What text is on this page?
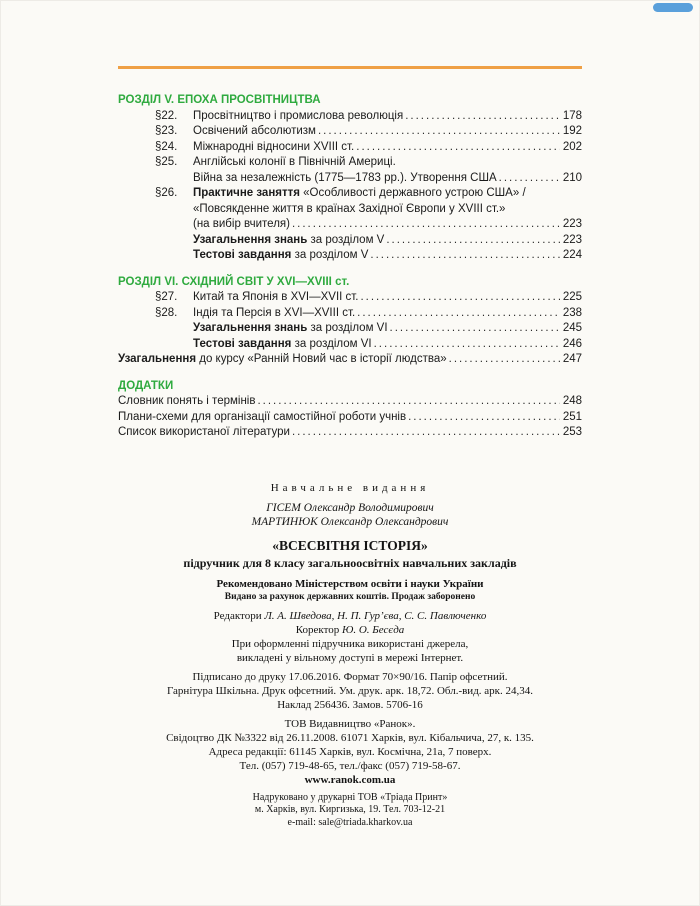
РОЗДІЛ V. ЕПОХА ПРОСВІТНИЦТВА
§22.	Просвітництво і промислова революція .....	178
§23.	Освічений абсолютизм .....	192
§24.	Міжнародні відносини XVIII ст. .....	202
§25.	Англійські колонії в Північній Америці.
Війна за незалежність (1775—1783 рр.). Утворення США .....	210
§26.	Практичне заняття «Особливості державного устрою США» /
«Повсякденне життя в країнах Західної Європи у XVIII ст.»
(на вибір вчителя) .....	223
Узагальнення знань за розділом V .....	223
Тестові завдання за розділом V .....	224
РОЗДІЛ VI. СХІДНИЙ СВІТ У XVI—XVIII ст.
§27.	Китай та Японія в XVI—XVII ст. .....	225
§28.	Індія та Персія в XVI—XVIII ст. .....	238
Узагальнення знань за розділом VI .....	245
Тестові завдання за розділом VI .....	246
Узагальнення до курсу «Ранній Новий час в історії людства» .....	247
ДОДАТКИ
Словник понять і термінів .....	248
Плани-схеми для організації самостійної роботи учнів .....	251
Список використаної літератури .....	253
Навчальне видання
ГІСЕМ Олександр Володимирович
МАРТИНЮК Олександр Олександрович
«ВСЕСВІТНЯ ІСТОРІЯ»
підручник для 8 класу загальноосвітніх навчальних закладів
Рекомендовано Міністерством освіти і науки України
Видано за рахунок державних коштів. Продаж заборонено
Редактори Л. А. Шведова, Н. П. Гур’єва, С. С. Павлюченко
Коректор Ю. О. Бесєда
При оформленні підручника використані джерела,
викладені у вільному доступі в мережі Інтернет.
Підписано до друку 17.06.2016. Формат 70×90/16. Папір офсетний.
Гарнітура Шкільна. Друк офсетний. Ум. друк. арк. 18,72. Обл.-вид. арк. 24,34.
Наклад 256436. Замов. 5706-16
ТОВ Видавництво «Ранок».
Свідоцтво ДК №3322 від 26.11.2008. 61071 Харків, вул. Кібальчича, 27, к. 135.
Адреса редакції: 61145 Харків, вул. Космічна, 21а, 7 поверх.
Тел. (057) 719-48-65, тел./факс (057) 719-58-67.
www.ranok.com.ua
Надруковано у друкарні ТОВ «Тріада Принт»
м. Харків, вул. Киргизька, 19. Тел. 703-12-21
e-mail: sale@triada.kharkov.ua
